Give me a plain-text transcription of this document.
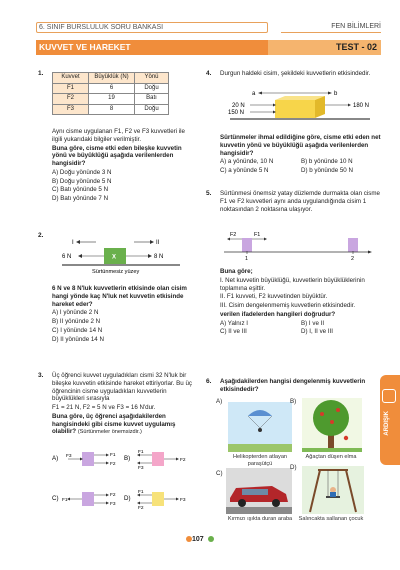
6. SINIF BURSLULUK SORU BANKASI	FEN BİLİMLERİ
KUVVET VE HAREKET	TEST - 02
1.	Kuvvet	Büyüklük (N)	Yönü
F1	6	Doğu
F2	19	Batı
F3	8	Doğu

Aynı cisme uygulanan F1, F2 ve F3 kuvvetleri ile ilgili yukarıdaki bilgiler verilmiştir.

Buna göre, cisme etki eden bileşke kuvvetin yönü ve büyüklüğü aşağıda verilenlerden hangisidir?

A) Doğu yönünde 3 N

B) Doğu yönünde 5 N

C) Batı yönünde 5 N

D) Batı yönünde 7 N

2.
I	II
X
6 N	8 N
Sürtünmesiz yüzey

6 N ve 8 N'luk kuvvetlerin etkisinde olan cisim hangi yönde kaç N'luk net kuvvetin etkisinde hareket eder?

A) I yönünde 2 N

B) II yönünde 2 N

C) I yönünde 14 N

D) II yönünde 14 N

3. Üç öğrenci kuvvet uyguladıkları cismi 32 N'luk bir bileşke kuvvetin etkisinde hareket ettiriyorlar. Bu üç öğrencinin cisme uyguladıkları kuvvetlerin büyüklükleri sırasıyla

F1 = 21 N, F2 = 5 N ve F3 = 16 N'dur.

Buna göre, üç öğrenci aşağıdakilerden hangisindeki gibi cisme kuvvet uygulamış olabilir? (Sürtünmeler önemsizdir.)

A) F3	F1
F2
B)
F1
F3
F2
C) F1
F2
F3
D)
F1
F2
F3
4. Durgun haldeki cisim, şekildeki kuvvetlerin etkisindedir.

a	b
20 N
150 N
180 N

Sürtünmeler ihmal edildiğine göre, cisme etki eden net kuvvetin yönü ve büyüklüğü aşağıda verilenlerden hangisidir?

A) a yönünde, 10 N	B) b yönünde 10 N

C) a yönünde 5 N	D) b yönünde 50 N

5. Sürtünmesi önemsiz yatay düzlemde durmakta olan cisme F1 ve F2 kuvvetleri aynı anda uygulandığında cisim 1 noktasından 2 noktasına ulaşıyor.

F2	F1
1	2

Buna göre;

I. Net kuvvetin büyüklüğü, kuvvetlerin büyüklüklerinin toplamına eşittir.

II. F1 kuvveti, F2 kuvvetinden büyüktür.

III. Cisim dengelenmemiş kuvvetlerin etkisindedir.

verilen ifadelerden hangileri doğrudur?

A) Yalnız I	B) I ve II

C) II ve III	D) I, II ve III

6. Aşağıdakilerden hangisi dengelenmiş kuvvetlerin etkisindedir?
A)
Helikopterden atlayan paraşütçü
B)
Ağaçtan düşen elma
C)
Kırmızı ışıkta duran araba
D)
Salıncakta sallanan çocuk
ARDIŞIK
107
